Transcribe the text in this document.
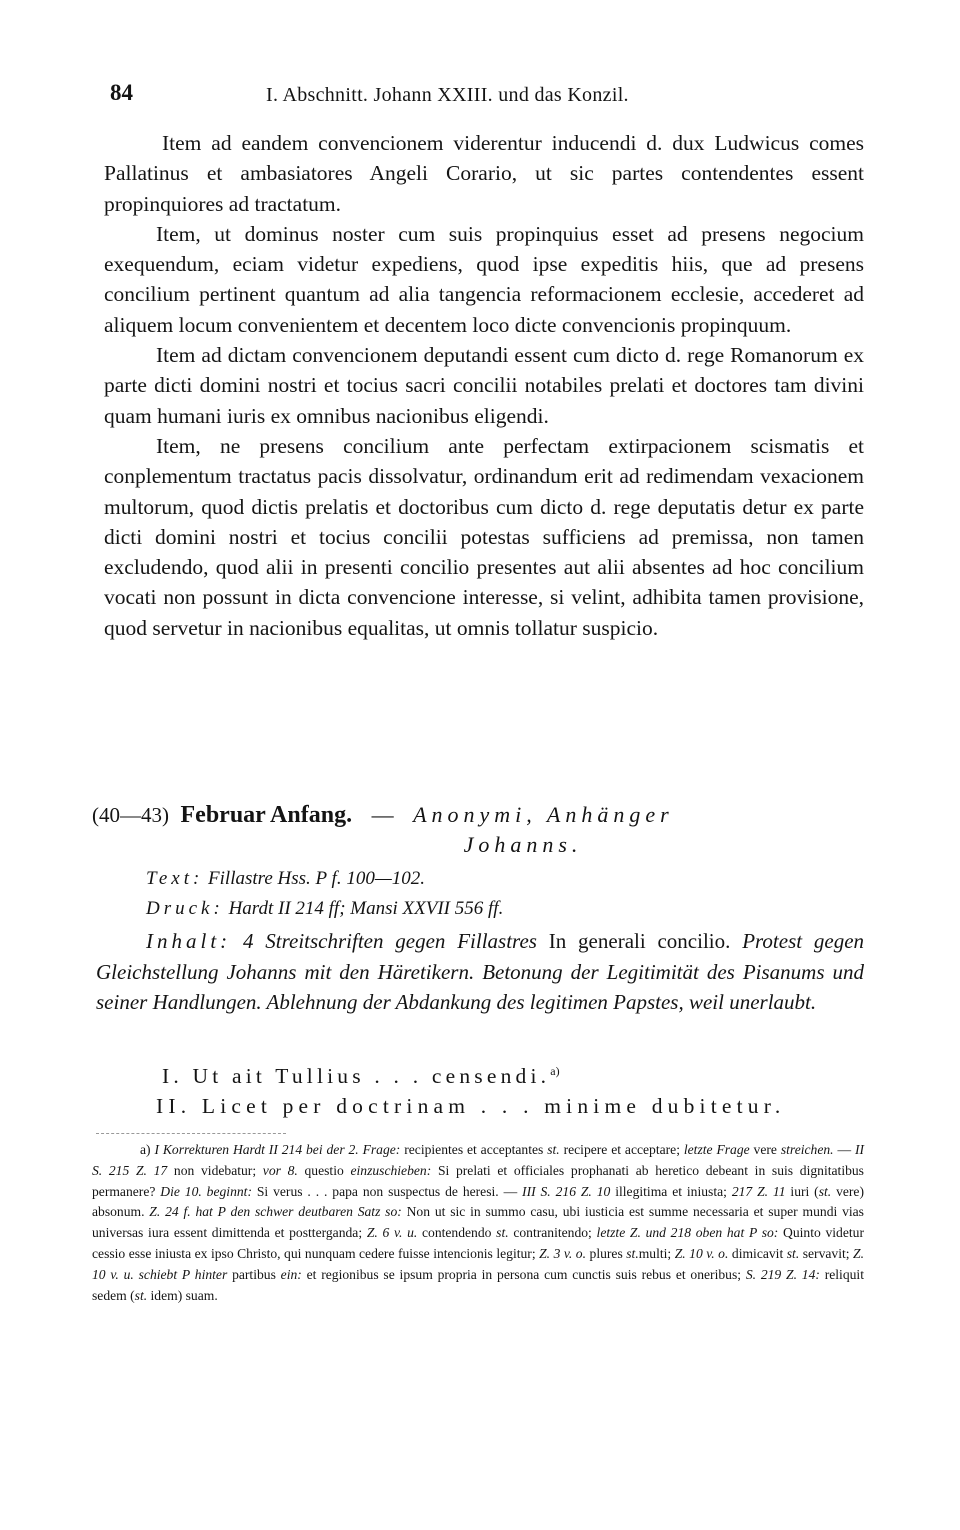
84	I. Abschnitt. Johann XXIII. und das Konzil.

Item ad eandem convencionem viderentur inducendi d. dux Ludwicus comes Pallatinus et ambasiatores Angeli Corario, ut sic partes contendentes essent propinquiores ad tractatum.

Item, ut dominus noster cum suis propinquius esset ad presens negocium exequendum, eciam videtur expediens, quod ipse expeditis hiis, que ad presens concilium pertinent quantum ad alia tangencia reformacionem ecclesie, accederet ad aliquem locum convenientem et decentem loco dicte convencionis propinquum.

Item ad dictam convencionem deputandi essent cum dicto d. rege Romanorum ex parte dicti domini nostri et tocius sacri concilii notabiles prelati et doctores tam divini quam humani iuris ex omnibus nacionibus eligendi.

Item, ne presens concilium ante perfectam extirpacionem scismatis et conplementum tractatus pacis dissolvatur, ordinandum erit ad redimendam vexacionem multorum, quod dictis prelatis et doctoribus cum dicto d. rege deputatis detur ex parte dicti domini nostri et tocius concilii potestas sufficiens ad premissa, non tamen excludendo, quod alii in presenti concilio presentes aut alii absentes ad hoc concilium vocati non possunt in dicta convencione interesse, si velint, adhibita tamen provisione, quod servetur in nacionibus equalitas, ut omnis tollatur suspicio.

(40—43) Februar Anfang. — Anonymi, Anhänger
Johanns.
Text: Fillastre Hss. P f. 100—102.
Druck: Hardt II 214 ff; Mansi XXVII 556 ff.
Inhalt: 4 Streitschriften gegen Fillastres In generali concilio. Protest gegen Gleichstellung Johanns mit den Häretikern. Betonung der Legitimität des Pisanums und seiner Handlungen. Ablehnung der Abdankung des legitimen Papstes, weil unerlaubt.
I. Ut ait Tullius . . . censendi.$^{a)}$
II. Licet per doctrinam . . . minime dubitetur.
a) I Korrekturen Hardt II 214 bei der 2. Frage: recipientes et acceptantes st. recipere et acceptare; letzte Frage vere streichen. — II S. 215 Z. 17 non videbatur; vor 8. questio einzuschieben: Si prelati et officiales prophanati ab heretico debeant in suis dignitatibus permanere? Die 10. beginnt: Si verus . . . papa non suspectus de heresi. — III S. 216 Z. 10 illegitima et iniusta; 217 Z. 11 iuri (st. vere) absonum. Z. 24 f. hat P den schwer deutbaren Satz so: Non ut sic in summo casu, ubi iusticia est summe necessaria et super mundi vias universas iura essent dimittenda et postterganda; Z. 6 v. u. contendendo st. contranitendo; letzte Z. und 218 oben hat P so: Quinto videtur cessio esse iniusta ex ipso Christo, qui nunquam cedere fuisse intencionis legitur; Z. 3 v. o. plures st.multi; Z. 10 v. o. dimicavit st. servavit; Z. 10 v. u. schiebt P hinter partibus ein: et regionibus se ipsum propria in persona cum cunctis suis rebus et oneribus; S. 219 Z. 14: reliquit sedem (st. idem) suam.
